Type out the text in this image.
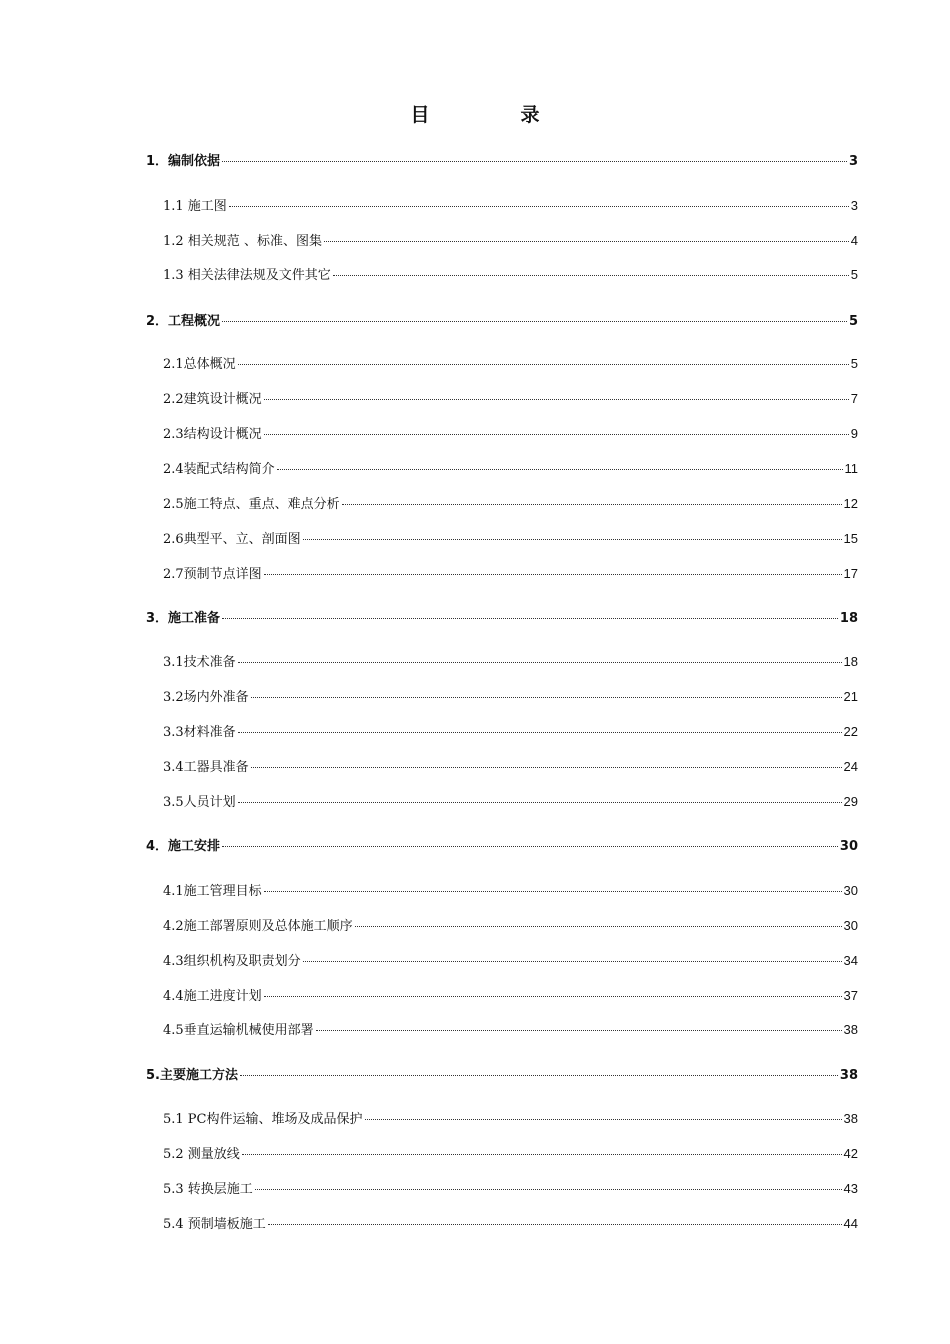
目　录
1．编制依据	3
1.1 施工图	3
1.2 相关规范 、标准、图集	4
1.3 相关法律法规及文件其它	5
2．工程概况	5
2.1总体概况	5
2.2建筑设计概况	7
2.3结构设计概况	9
2.4装配式结构简介	11
2.5施工特点、重点、难点分析	12
2.6典型平、立、剖面图	15
2.7预制节点详图	17
3．施工准备	18
3.1技术准备	18
3.2场内外准备	21
3.3材料准备	22
3.4工器具准备	24
3.5人员计划	29
4．施工安排	30
4.1施工管理目标	30
4.2施工部署原则及总体施工顺序	30
4.3组织机构及职责划分	34
4.4施工进度计划	37
4.5垂直运输机械使用部署	38
5.主要施工方法	38
5.1 PC构件运输、堆场及成品保护	38
5.2 测量放线	42
5.3 转换层施工	43
5.4 预制墙板施工	44
